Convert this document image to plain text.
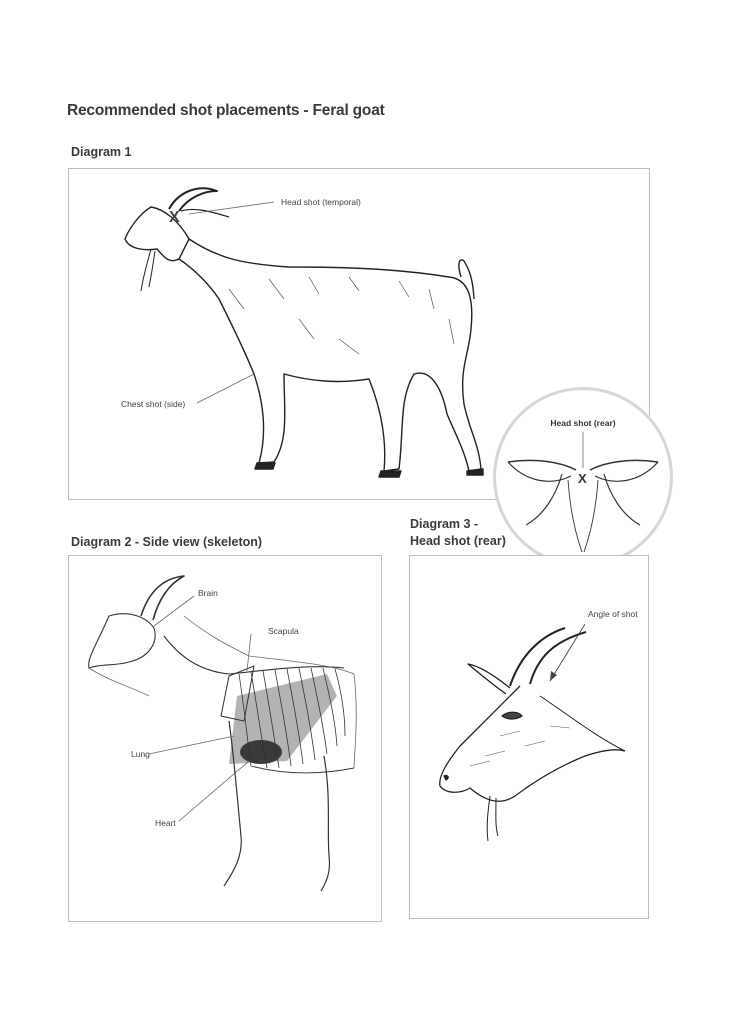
Recommended shot placements - Feral goat
Diagram 1
X
Head shot (temporal)
Chest shot (side)
X
Head shot (rear)
Diagram 2 - Side view (skeleton)
Brain
Scapula
Lung
Heart
Diagram 3 -
Head shot (rear)
Angle of shot
